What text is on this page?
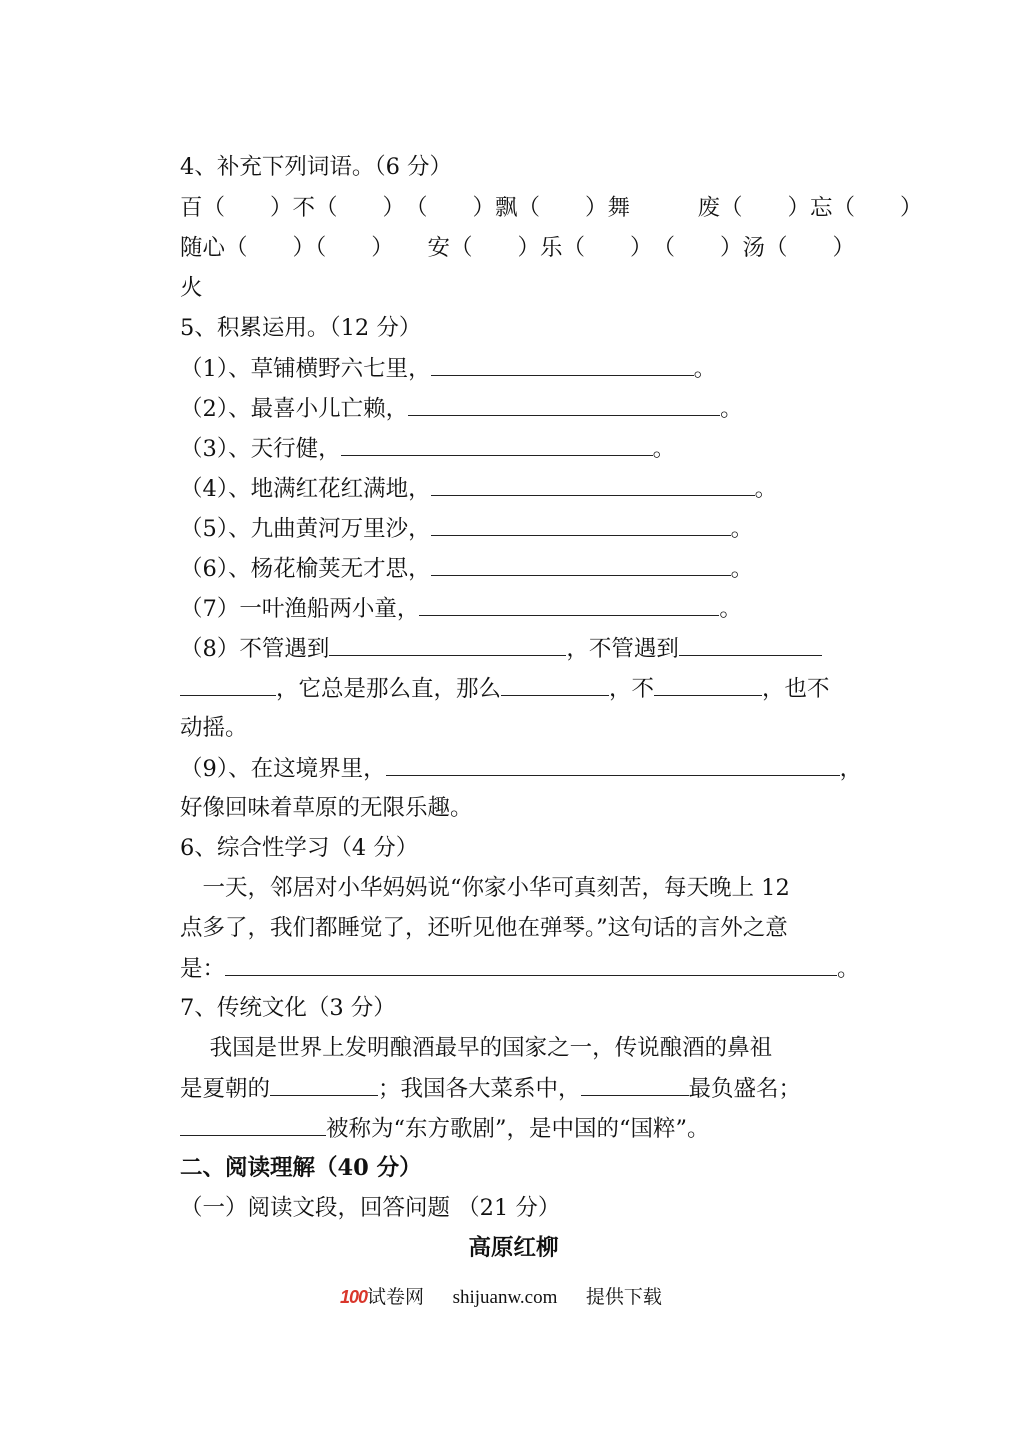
4、补充下列词语。（6 分）
百（　　）不（　　）　（　　）飘（　　）舞　　　废（　　）忘（　　）
随心（　　）（　　）　　安（　　）乐（　　）　（　　）汤（　　）
火
5、积累运用。（12 分）
（1）、草铺横野六七里，	。
（2）、最喜小儿亡赖，	。
（3）、天行健，	。
（4）、地满红花红满地，	。
（5）、九曲黄河万里沙，	。
（6）、杨花榆荚无才思，	。
（7）一叶渔船两小童，	。
（8）不管遇到	，不管遇到
，它总是那么直，那么	，不	，也不
动摇。
（9）、在这境界里，	，
好像回味着草原的无限乐趣。
6、综合性学习（4 分）
　一天，邻居对小华妈妈说“你家小华可真刻苦，每天晚上 12
点多了，我们都睡觉了，还听见他在弹琴。”这句话的言外之意
是：	。
7、传统文化（3 分）
　 我国是世界上发明酿酒最早的国家之一，传说酿酒的鼻祖
是夏朝的	；我国各大菜系中，	最负盛名；
被称为“东方歌剧”，是中国的“国粹”。
二、阅读理解（40 分）
（一）阅读文段，回答问题 （21 分）
高原红柳
100试卷网 shijuanw.com 提供下载
